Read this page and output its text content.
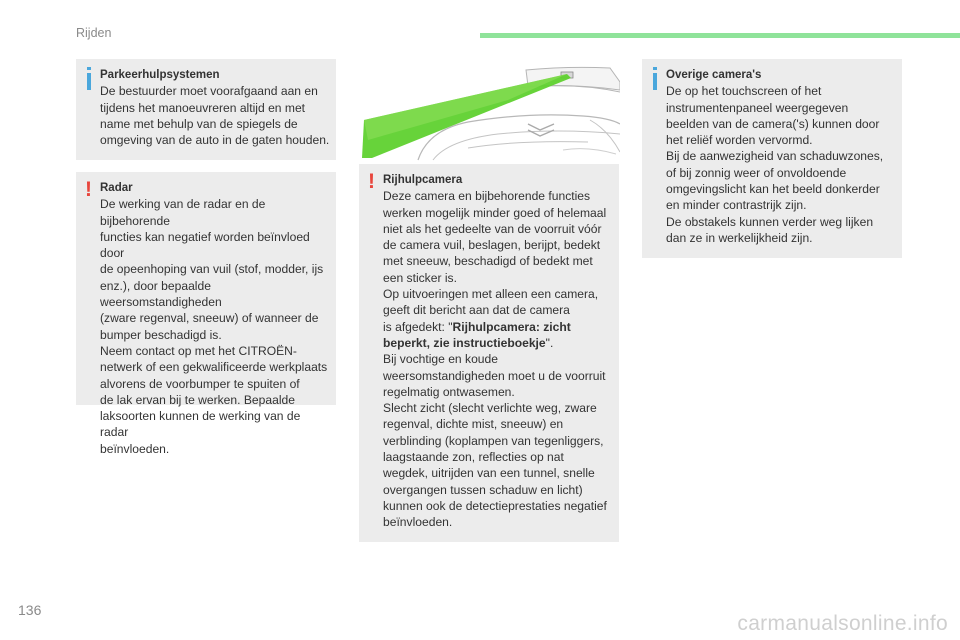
Rijden

Parkeerhulpsystemen

De bestuurder moet voorafgaand aan en

tijdens het manoeuvreren altijd en met

name met behulp van de spiegels de

omgeving van de auto in de gaten houden.

! Radar

De werking van de radar en de bijbehorende

functies kan negatief worden beïnvloed door

de opeenhoping van vuil (stof, modder, ijs

enz.), door bepaalde weersomstandigheden

(zware regenval, sneeuw) of wanneer de

bumper beschadigd is.

Neem contact op met het CITROËN-

netwerk of een gekwalificeerde werkplaats

alvorens de voorbumper te spuiten of

de lak ervan bij te werken. Bepaalde

laksoorten kunnen de werking van de radar

beïnvloeden.

! Rijhulpcamera

Deze camera en bijbehorende functies

werken mogelijk minder goed of helemaal

niet als het gedeelte van de voorruit vóór

de camera vuil, beslagen, berijpt, bedekt

met sneeuw, beschadigd of bedekt met

een sticker is.

Op uitvoeringen met alleen een camera,

geeft dit bericht aan dat de camera

is afgedekt: "Rijhulpcamera: zicht

beperkt, zie instructieboekje".

Bij vochtige en koude

weersomstandigheden moet u de voorruit

regelmatig ontwasemen.

Slecht zicht (slecht verlichte weg, zware

regenval, dichte mist, sneeuw) en

verblinding (koplampen van tegenliggers,

laagstaande zon, reflecties op nat

wegdek, uitrijden van een tunnel, snelle

overgangen tussen schaduw en licht)

kunnen ook de detectieprestaties negatief

beïnvloeden.

Overige camera's

De op het touchscreen of het

instrumentenpaneel weergegeven

beelden van de camera('s) kunnen door

het reliëf worden vervormd.

Bij de aanwezigheid van schaduwzones,

of bij zonnig weer of onvoldoende

omgevingslicht kan het beeld donkerder

en minder contrastrijk zijn.

De obstakels kunnen verder weg lijken

dan ze in werkelijkheid zijn.

136
carmanualsonline.info
